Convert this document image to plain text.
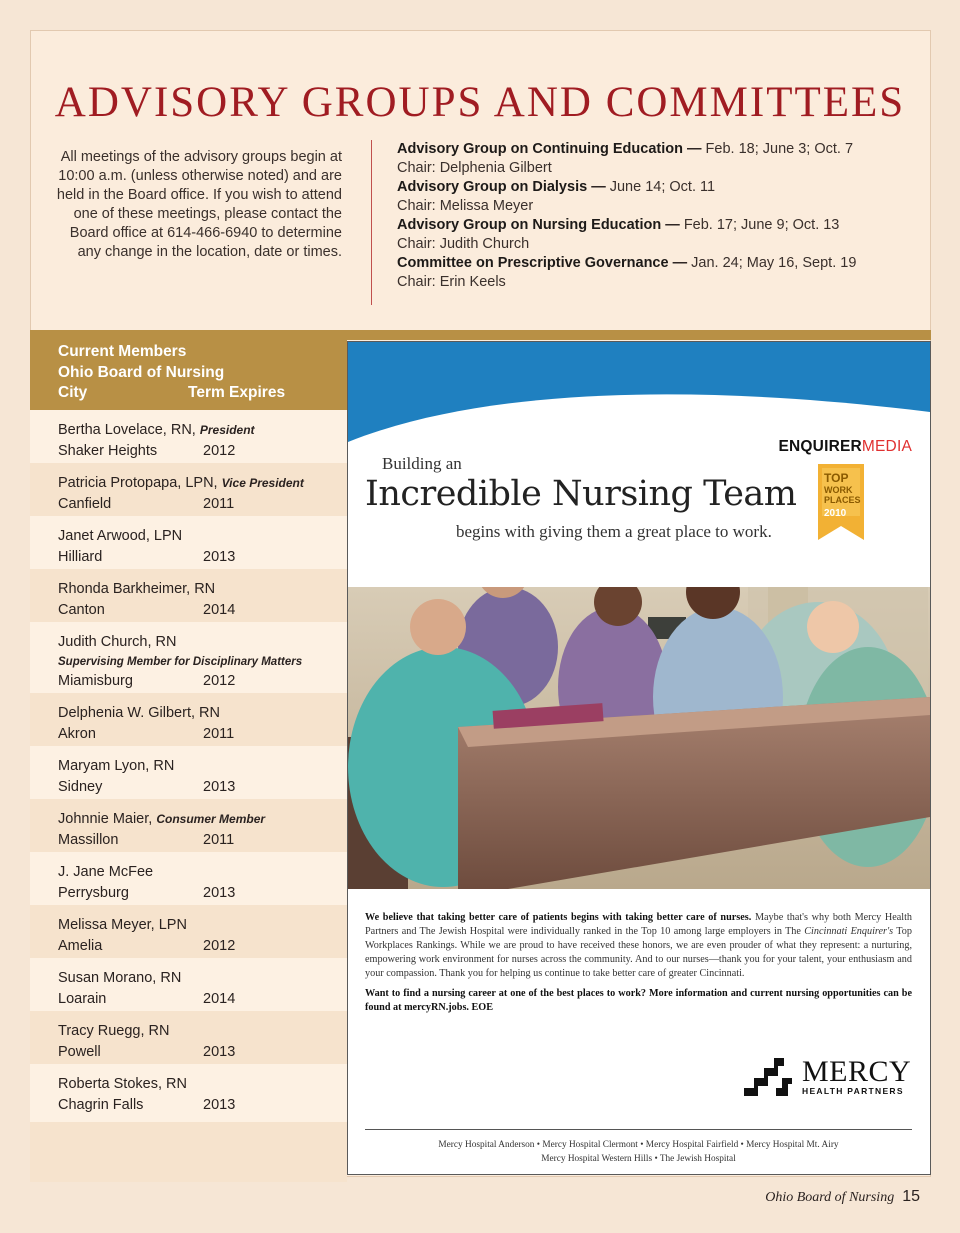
ADVISORY GROUPS AND COMMITTEES

All meetings of the advisory groups begin at 10:00 a.m. (unless otherwise noted) and are held in the Board office. If you wish to attend one of these meetings, please contact the Board office at 614-466-6940 to determine any change in the location, date or times.

Advisory Group on Continuing Education — Feb. 18; June 3; Oct. 7
Chair: Delphenia Gilbert
Advisory Group on Dialysis — June 14; Oct. 11
Chair: Melissa Meyer
Advisory Group on Nursing Education — Feb. 17; June 9; Oct. 13
Chair: Judith Church
Committee on Prescriptive Governance — Jan. 24; May 16, Sept. 19
Chair: Erin Keels
Current Members
Ohio Board of Nursing
City	Term Expires
Bertha Lovelace, RN, President
Shaker Heights	2012
Patricia Protopapa, LPN, Vice President
Canfield	2011
Janet Arwood, LPN
Hilliard	2013
Rhonda Barkheimer, RN
Canton	2014
Judith Church, RN
Supervising Member for Disciplinary Matters
Miamisburg	2012
Delphenia W. Gilbert, RN
Akron	2011
Maryam Lyon, RN
Sidney	2013
Johnnie Maier, Consumer Member
Massillon	2011
J. Jane McFee
Perrysburg	2013
Melissa Meyer, LPN
Amelia	2012
Susan Morano, RN
Loarain	2014
Tracy Ruegg, RN
Powell	2013
Roberta Stokes, RN
Chagrin Falls	2013
ENQUIRERMEDIA
TOP
WORK
PLACES
2010
Building an
Incredible Nursing Team
begins with giving them a great place to work.

We believe that taking better care of patients begins with taking better care of nurses. Maybe that's why both Mercy Health Partners and The Jewish Hospital were individually ranked in the Top 10 among large employers in The Cincinnati Enquirer's Top Workplaces Rankings. While we are proud to have received these honors, we are even prouder of what they represent: a nurturing, empowering work environment for nurses across the community. And to our nurses—thank you for your talent, your enthusiasm and your compassion. Thank you for helping us continue to take better care of greater Cincinnati.

Want to find a nursing career at one of the best places to work? More information and current nursing opportunities can be found at mercyRN.jobs. EOE

MERCY
HEALTH PARTNERS
Mercy Hospital Anderson • Mercy Hospital Clermont • Mercy Hospital Fairfield • Mercy Hospital Mt. Airy
Mercy Hospital Western Hills • The Jewish Hospital
Ohio Board of Nursing 15
